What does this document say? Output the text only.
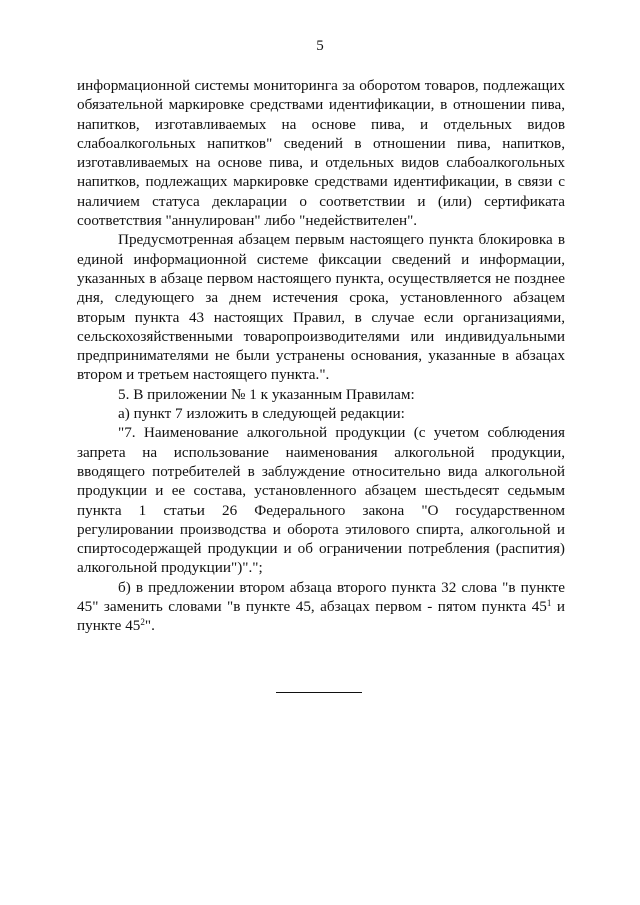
5

информационной системы мониторинга за оборотом товаров, подлежащих обязательной маркировке средствами идентификации, в отношении пива, напитков, изготавливаемых на основе пива, и отдельных видов слабоалкогольных напитков" сведений в отношении пива, напитков, изготавливаемых на основе пива, и отдельных видов слабоалкогольных напитков, подлежащих маркировке средствами идентификации, в связи с наличием статуса декларации о соответствии и (или) сертификата соответствия "аннулирован" либо "недействителен".

Предусмотренная абзацем первым настоящего пункта блокировка в единой информационной системе фиксации сведений и информации, указанных в абзаце первом настоящего пункта, осуществляется не позднее дня, следующего за днем истечения срока, установленного абзацем вторым пункта 43 настоящих Правил, в случае если организациями, сельскохозяйственными товаропроизводителями или индивидуальными предпринимателями не были устранены основания, указанные в абзацах втором и третьем настоящего пункта.".

5. В приложении № 1 к указанным Правилам:

а) пункт 7 изложить в следующей редакции:

"7. Наименование алкогольной продукции (с учетом соблюдения запрета на использование наименования алкогольной продукции, вводящего потребителей в заблуждение относительно вида алкогольной продукции и ее состава, установленного абзацем шестьдесят седьмым пункта 1 статьи 26 Федерального закона "О государственном регулировании производства и оборота этилового спирта, алкогольной и спиртосодержащей продукции и об ограничении потребления (распития) алкогольной продукции")".";

б) в предложении втором абзаца второго пункта 32 слова "в пункте 45" заменить словами "в пункте 45, абзацах первом - пятом пункта $45^1$ и пункте $45^2$".
